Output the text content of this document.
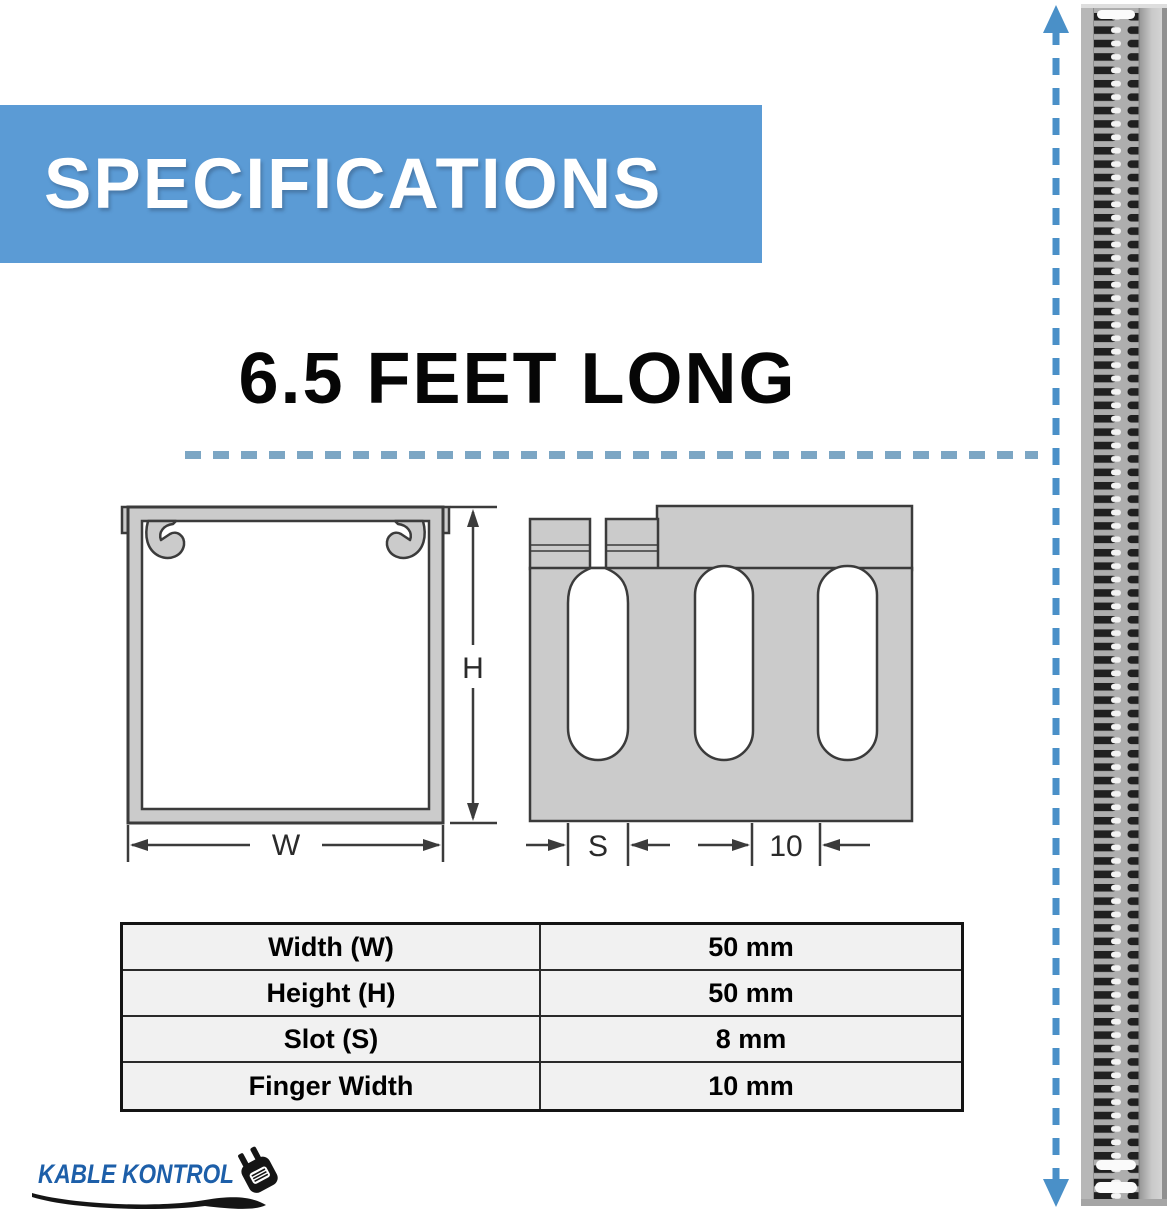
SPECIFICATIONS
6.5 FEET LONG
H
W	S	10
Width (W)	50 mm
Height (H)	50 mm
Slot (S)	8 mm
Finger Width	10 mm
KABLE KONTROL
